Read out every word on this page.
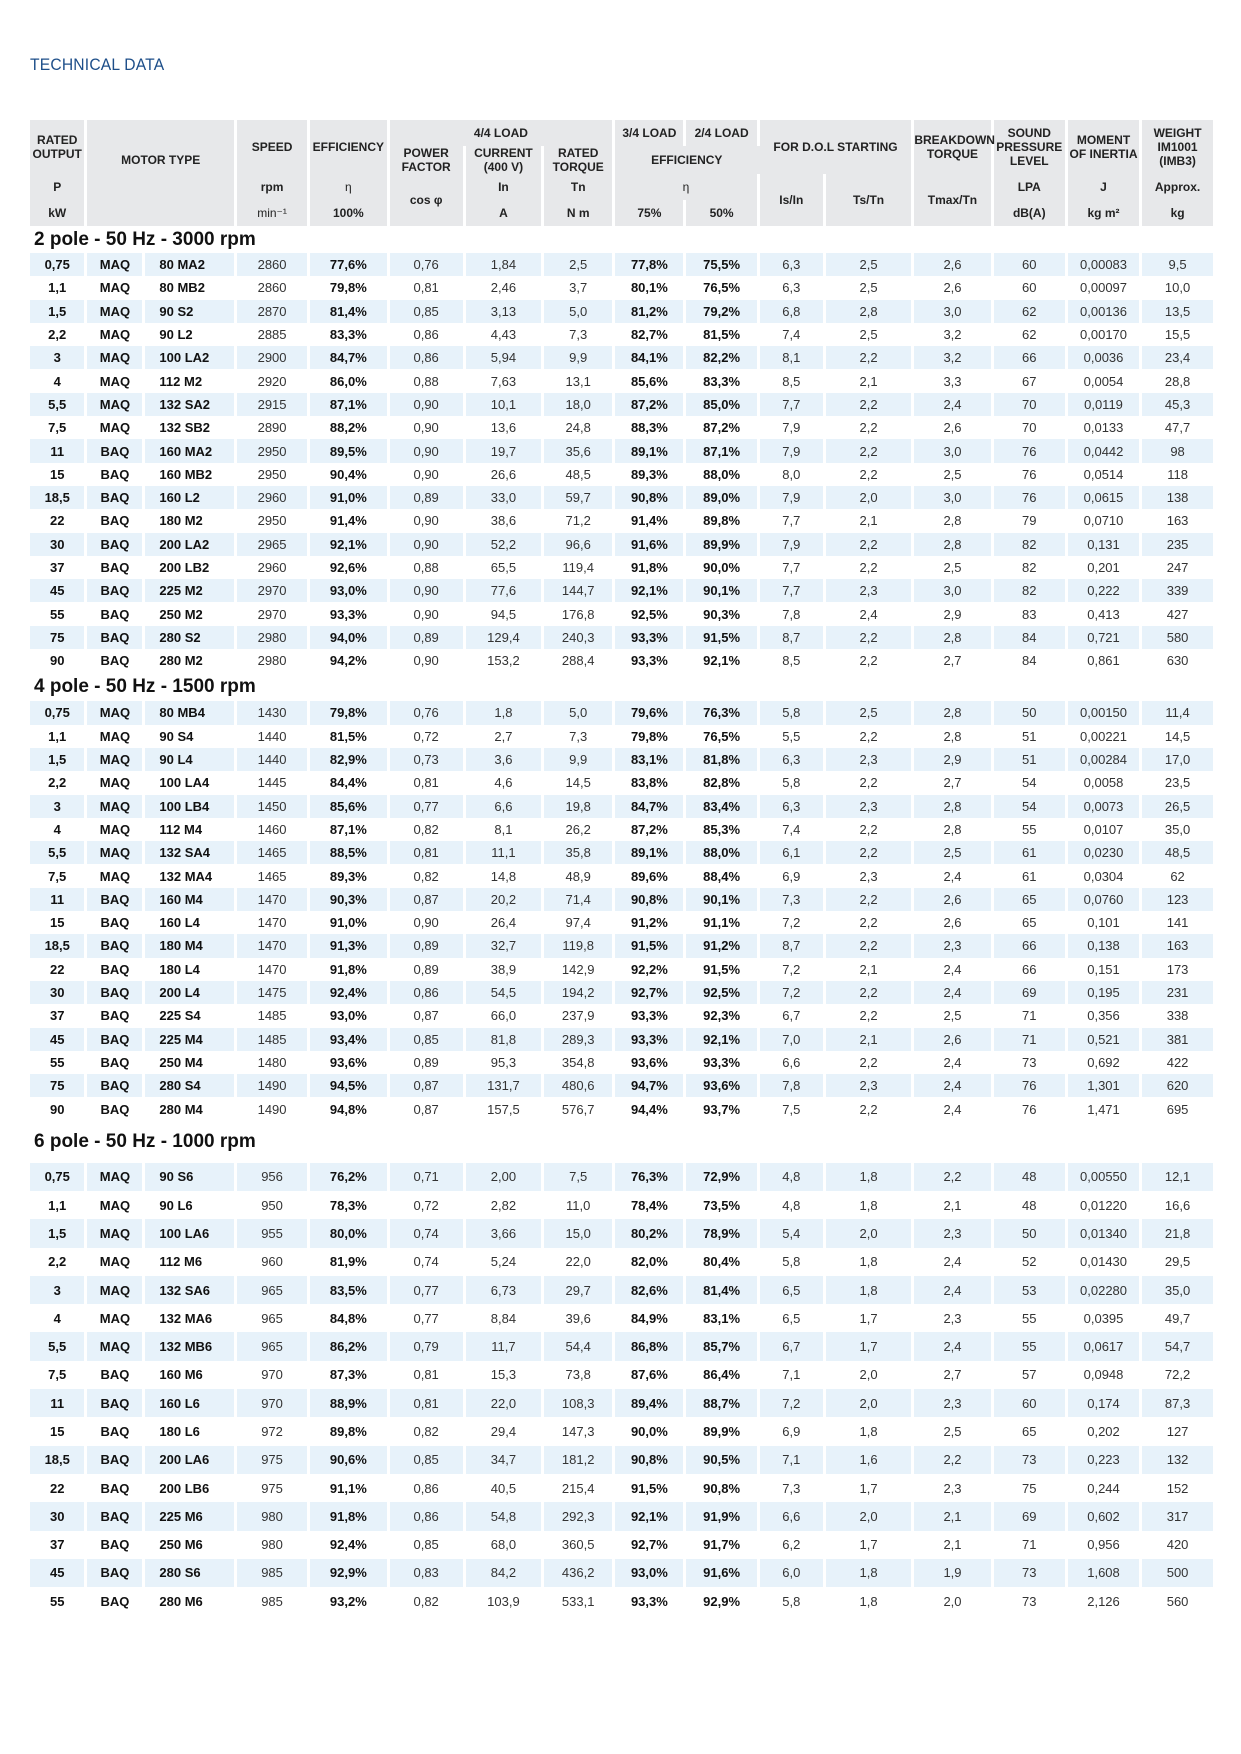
TECHNICAL DATA
RATED OUTPUT	MOTOR TYPE		SPEED	EFFICIENCY	4/4 LOAD			3/4 LOAD	2/4 LOAD	FOR D.O.L STARTING		BREAKDOWN TORQUE	SOUND PRESSURE LEVEL	MOMENT OF INERTIA	WEIGHT IM1001 (IMB3)
					POWER FACTOR	CURRENT (400 V)	RATED TORQUE	EFFICIENCY							
P			rpm	η	cos φ	In	Tn	η		Is/In	Ts/Tn	Tmax/Tn	LPA	J	Approx.
kW			min⁻¹	100%		A	N m	75%	50%				dB(A)	kg m²	kg
2 pole - 50 Hz - 3000 rpm															
0,75	MAQ	80 MA2	2860	77,6%	0,76	1,84	2,5	77,8%	75,5%	6,3	2,5	2,6	60	0,00083	9,5
1,1	MAQ	80 MB2	2860	79,8%	0,81	2,46	3,7	80,1%	76,5%	6,3	2,5	2,6	60	0,00097	10,0
1,5	MAQ	90 S2	2870	81,4%	0,85	3,13	5,0	81,2%	79,2%	6,8	2,8	3,0	62	0,00136	13,5
2,2	MAQ	90 L2	2885	83,3%	0,86	4,43	7,3	82,7%	81,5%	7,4	2,5	3,2	62	0,00170	15,5
3	MAQ	100 LA2	2900	84,7%	0,86	5,94	9,9	84,1%	82,2%	8,1	2,2	3,2	66	0,0036	23,4
4	MAQ	112 M2	2920	86,0%	0,88	7,63	13,1	85,6%	83,3%	8,5	2,1	3,3	67	0,0054	28,8
5,5	MAQ	132 SA2	2915	87,1%	0,90	10,1	18,0	87,2%	85,0%	7,7	2,2	2,4	70	0,0119	45,3
7,5	MAQ	132 SB2	2890	88,2%	0,90	13,6	24,8	88,3%	87,2%	7,9	2,2	2,6	70	0,0133	47,7
11	BAQ	160 MA2	2950	89,5%	0,90	19,7	35,6	89,1%	87,1%	7,9	2,2	3,0	76	0,0442	98
15	BAQ	160 MB2	2950	90,4%	0,90	26,6	48,5	89,3%	88,0%	8,0	2,2	2,5	76	0,0514	118
18,5	BAQ	160 L2	2960	91,0%	0,89	33,0	59,7	90,8%	89,0%	7,9	2,0	3,0	76	0,0615	138
22	BAQ	180 M2	2950	91,4%	0,90	38,6	71,2	91,4%	89,8%	7,7	2,1	2,8	79	0,0710	163
30	BAQ	200 LA2	2965	92,1%	0,90	52,2	96,6	91,6%	89,9%	7,9	2,2	2,8	82	0,131	235
37	BAQ	200 LB2	2960	92,6%	0,88	65,5	119,4	91,8%	90,0%	7,7	2,2	2,5	82	0,201	247
45	BAQ	225 M2	2970	93,0%	0,90	77,6	144,7	92,1%	90,1%	7,7	2,3	3,0	82	0,222	339
55	BAQ	250 M2	2970	93,3%	0,90	94,5	176,8	92,5%	90,3%	7,8	2,4	2,9	83	0,413	427
75	BAQ	280 S2	2980	94,0%	0,89	129,4	240,3	93,3%	91,5%	8,7	2,2	2,8	84	0,721	580
90	BAQ	280 M2	2980	94,2%	0,90	153,2	288,4	93,3%	92,1%	8,5	2,2	2,7	84	0,861	630
4 pole - 50 Hz - 1500 rpm															
0,75	MAQ	80 MB4	1430	79,8%	0,76	1,8	5,0	79,6%	76,3%	5,8	2,5	2,8	50	0,00150	11,4
1,1	MAQ	90 S4	1440	81,5%	0,72	2,7	7,3	79,8%	76,5%	5,5	2,2	2,8	51	0,00221	14,5
1,5	MAQ	90 L4	1440	82,9%	0,73	3,6	9,9	83,1%	81,8%	6,3	2,3	2,9	51	0,00284	17,0
2,2	MAQ	100 LA4	1445	84,4%	0,81	4,6	14,5	83,8%	82,8%	5,8	2,2	2,7	54	0,0058	23,5
3	MAQ	100 LB4	1450	85,6%	0,77	6,6	19,8	84,7%	83,4%	6,3	2,3	2,8	54	0,0073	26,5
4	MAQ	112 M4	1460	87,1%	0,82	8,1	26,2	87,2%	85,3%	7,4	2,2	2,8	55	0,0107	35,0
5,5	MAQ	132 SA4	1465	88,5%	0,81	11,1	35,8	89,1%	88,0%	6,1	2,2	2,5	61	0,0230	48,5
7,5	MAQ	132 MA4	1465	89,3%	0,82	14,8	48,9	89,6%	88,4%	6,9	2,3	2,4	61	0,0304	62
11	BAQ	160 M4	1470	90,3%	0,87	20,2	71,4	90,8%	90,1%	7,3	2,2	2,6	65	0,0760	123
15	BAQ	160 L4	1470	91,0%	0,90	26,4	97,4	91,2%	91,1%	7,2	2,2	2,6	65	0,101	141
18,5	BAQ	180 M4	1470	91,3%	0,89	32,7	119,8	91,5%	91,2%	8,7	2,2	2,3	66	0,138	163
22	BAQ	180 L4	1470	91,8%	0,89	38,9	142,9	92,2%	91,5%	7,2	2,1	2,4	66	0,151	173
30	BAQ	200 L4	1475	92,4%	0,86	54,5	194,2	92,7%	92,5%	7,2	2,2	2,4	69	0,195	231
37	BAQ	225 S4	1485	93,0%	0,87	66,0	237,9	93,3%	92,3%	6,7	2,2	2,5	71	0,356	338
45	BAQ	225 M4	1485	93,4%	0,85	81,8	289,3	93,3%	92,1%	7,0	2,1	2,6	71	0,521	381
55	BAQ	250 M4	1480	93,6%	0,89	95,3	354,8	93,6%	93,3%	6,6	2,2	2,4	73	0,692	422
75	BAQ	280 S4	1490	94,5%	0,87	131,7	480,6	94,7%	93,6%	7,8	2,3	2,4	76	1,301	620
90	BAQ	280 M4	1490	94,8%	0,87	157,5	576,7	94,4%	93,7%	7,5	2,2	2,4	76	1,471	695
6 pole - 50 Hz - 1000 rpm															
0,75	MAQ	90 S6	956	76,2%	0,71	2,00	7,5	76,3%	72,9%	4,8	1,8	2,2	48	0,00550	12,1
1,1	MAQ	90 L6	950	78,3%	0,72	2,82	11,0	78,4%	73,5%	4,8	1,8	2,1	48	0,01220	16,6
1,5	MAQ	100 LA6	955	80,0%	0,74	3,66	15,0	80,2%	78,9%	5,4	2,0	2,3	50	0,01340	21,8
2,2	MAQ	112 M6	960	81,9%	0,74	5,24	22,0	82,0%	80,4%	5,8	1,8	2,4	52	0,01430	29,5
3	MAQ	132 SA6	965	83,5%	0,77	6,73	29,7	82,6%	81,4%	6,5	1,8	2,4	53	0,02280	35,0
4	MAQ	132 MA6	965	84,8%	0,77	8,84	39,6	84,9%	83,1%	6,5	1,7	2,3	55	0,0395	49,7
5,5	MAQ	132 MB6	965	86,2%	0,79	11,7	54,4	86,8%	85,7%	6,7	1,7	2,4	55	0,0617	54,7
7,5	BAQ	160 M6	970	87,3%	0,81	15,3	73,8	87,6%	86,4%	7,1	2,0	2,7	57	0,0948	72,2
11	BAQ	160 L6	970	88,9%	0,81	22,0	108,3	89,4%	88,7%	7,2	2,0	2,3	60	0,174	87,3
15	BAQ	180 L6	972	89,8%	0,82	29,4	147,3	90,0%	89,9%	6,9	1,8	2,5	65	0,202	127
18,5	BAQ	200 LA6	975	90,6%	0,85	34,7	181,2	90,8%	90,5%	7,1	1,6	2,2	73	0,223	132
22	BAQ	200 LB6	975	91,1%	0,86	40,5	215,4	91,5%	90,8%	7,3	1,7	2,3	75	0,244	152
30	BAQ	225 M6	980	91,8%	0,86	54,8	292,3	92,1%	91,9%	6,6	2,0	2,1	69	0,602	317
37	BAQ	250 M6	980	92,4%	0,85	68,0	360,5	92,7%	91,7%	6,2	1,7	2,1	71	0,956	420
45	BAQ	280 S6	985	92,9%	0,83	84,2	436,2	93,0%	91,6%	6,0	1,8	1,9	73	1,608	500
55	BAQ	280 M6	985	93,2%	0,82	103,9	533,1	93,3%	92,9%	5,8	1,8	2,0	73	2,126	560
